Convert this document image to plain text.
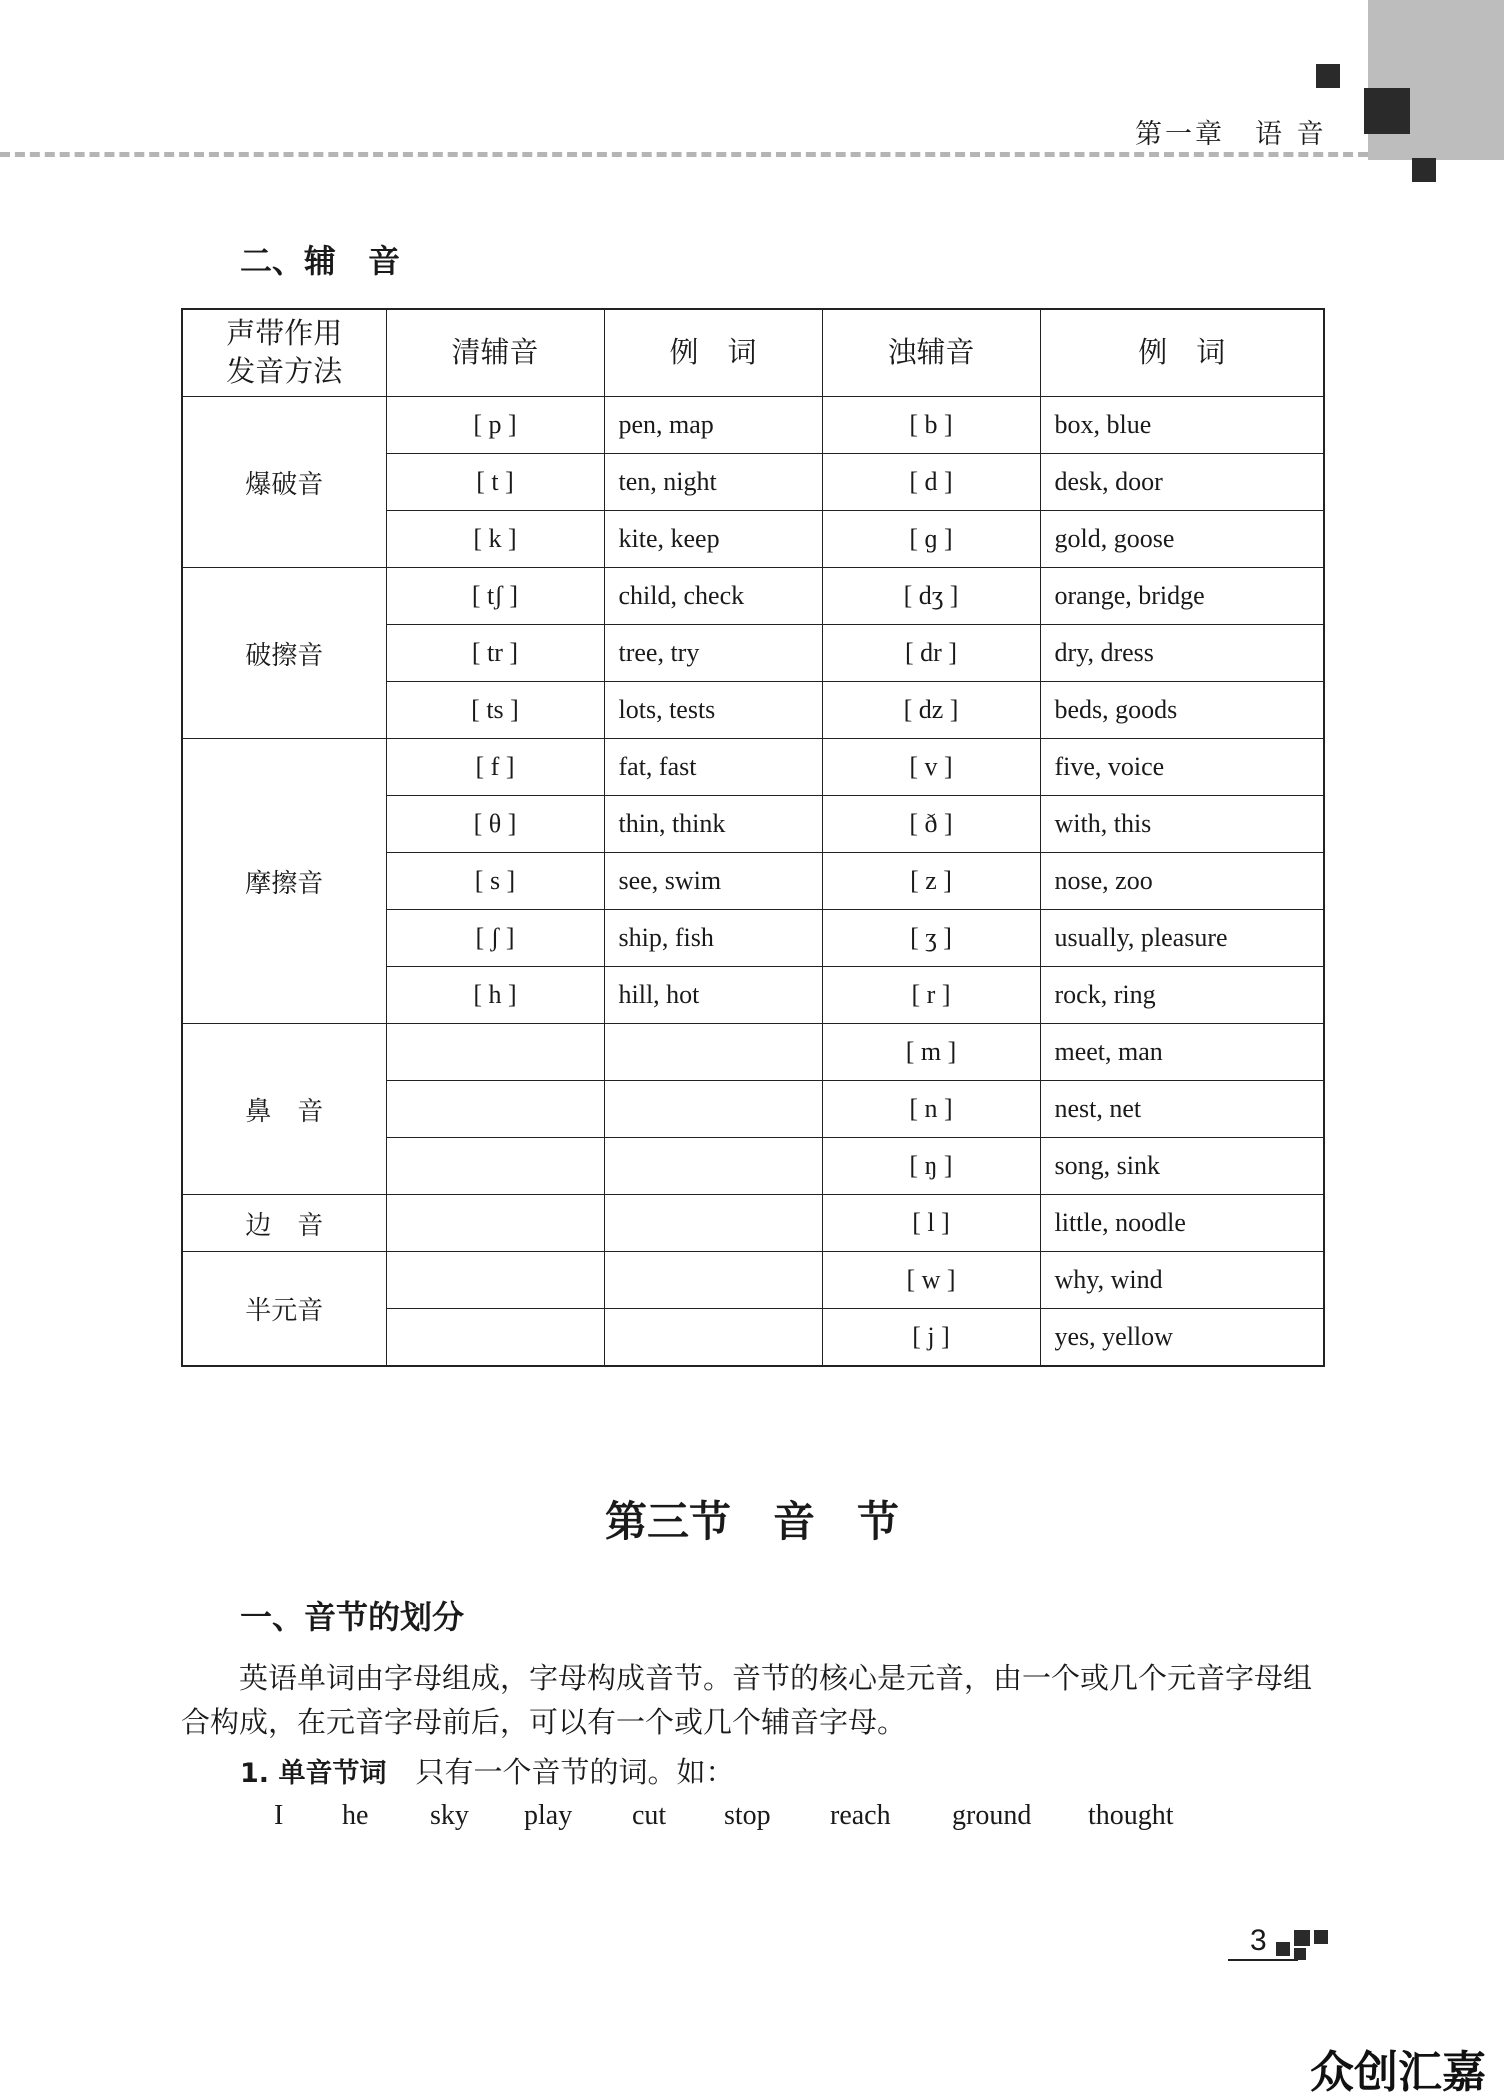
第一章　语 音
二、辅　音
声带作用
发音方法	清辅音	例　词	浊辅音	例　词
爆破音	[ p ]	pen, map	[ b ]	box, blue
	[ t ]	ten, night	[ d ]	desk, door
	[ k ]	kite, keep	[ ɡ ]	gold, goose
破擦音	[ tʃ ]	child, check	[ dʒ ]	orange, bridge
	[ tr ]	tree, try	[ dr ]	dry, dress
	[ ts ]	lots, tests	[ dz ]	beds, goods
摩擦音	[ f ]	fat, fast	[ v ]	five, voice
	[ θ ]	thin, think	[ ð ]	with, this
	[ s ]	see, swim	[ z ]	nose, zoo
	[ ʃ ]	ship, fish	[ ʒ ]	usually, pleasure
	[ h ]	hill, hot	[ r ]	rock, ring
鼻　音			[ m ]	meet, man
			[ n ]	nest, net
			[ ŋ ]	song, sink
边　音			[ l ]	little, noodle
半元音			[ w ]	why, wind
			[ j ]	yes, yellow
第三节　音　节
一、音节的划分

英语单词由字母组成，字母构成音节。音节的核心是元音，由一个或几个元音字母组合构成，在元音字母前后，可以有一个或几个辅音字母。

1. 单音节词　只有一个音节的词。如：
I he sky play cut stop reach ground thought
3
众创汇嘉
